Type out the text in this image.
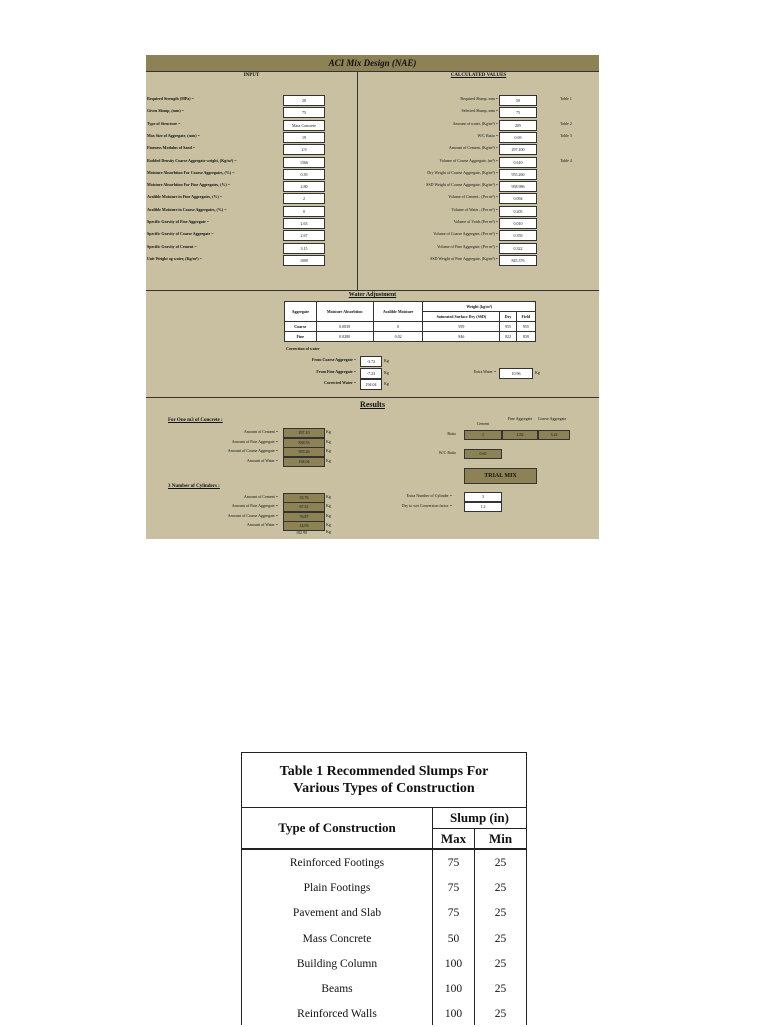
ACI Mix Design (NAE)
INPUT	CALCULATED VALUES
Required Strength (MPa) =	20
Given Slump, (mm) =	75
Type of Structure =	Mass Concrete
Max Size of Aggregate, (mm) =	19
Fineness Modulus of Sand =	2.9
Rodded Density Coarse Aggregate weight, (Kg/m³) =	1566
Moisture Absorbtion For Coarse Aggregates, (%) =	0.39
Moisture Absorbtion For Fine Aggregates, (%) =	2.80
Avalible Moisture in Fine Aggregates, (%) =	2
Avalible Moisture in Coarse Aggregates, (%) =	0
Specific Gravity of Fine Aggregate =	2.63
Specific Gravity of Coarse Aggregate =	2.67
Specific Gravity of Cement =	3.15
Unit Weight og water, (Kg/m³) =	1000
Required Slump, mm =	50	Table 1
Selected Slump, mm =	75
Amount of water, (Kg/m³) =	205	Table 2
W/C Ratio =	0.69	Table 3
Amount of Cement, (Kg/m³) =	297.100
Volume of Coarse Aggregate, (m³) =	0.610	Table 4
Dry Weight of Coarse Aggregate, (Kg/m³) =	955.260
SSD Weight of Coarse Aggregate, (Kg/m³) =	958.986
Volume of Cement , (Per m³) =	0.094
Volume of Water , (Per m³) =	0.205
Volume of Voids (Per m³) =	0.010
Volume of Coarse Aggregate, (Per m³) =	0.359
Volume of Fine Aggregate, (Per m³) =	0.322
SSD Weight of Fine Aggregate, (Kg/m³) =	845.376
Water Adjustment
Aggregate	Moisture Absorbtion	Avalible Moisture	Weight (kg/m³)		
			Saturated Surface Dry (SSD)	Dry	Field
Coarse	0.0039	0	959	955	955
Fine	0.0280	0.02	846	822	839
Correction of water
From Coarse Aggregate =	-3.72	Kg
From Fine Aggregate =	-7.23	Kg
Corrected Water =	194.04	Kg
Extra Water =	10.96	Kg
Results
For One m3 of Concrete :
Amount of Cement =	297.10	Kg
Amount of Fine Aggregate =	838.53	Kg
Amount of Coarse Aggregate =	955.26	Kg
Amount of Water =	194.04	Kg
Cement
Fine Aggregate	Coarse Aggregate
Ratio	1	2.82	3.22
W/C Ratio	0.65
TRIAL MIX
3 Number of Cylinders :
Amount of Cement =	33.76	Kg
Amount of Fine Aggregate =	67.31	Kg
Amount of Coarse Aggregate =	76.87	Kg
Amount of Water =	14.93	Kg
182.90	Kg
Extra Number of Cylinder =	3
Dry to wet Conversion factor =	1.2
Table 1 Recommended Slumps For
Various Types of Construction
Type of Construction
Slump (in)
Max	Min
Reinforced Footings	75	25
Plain Footings	75	25
Pavement and Slab	75	25
Mass Concrete	50	25
Building Column	100	25
Beams	100	25
Reinforced Walls	100	25
